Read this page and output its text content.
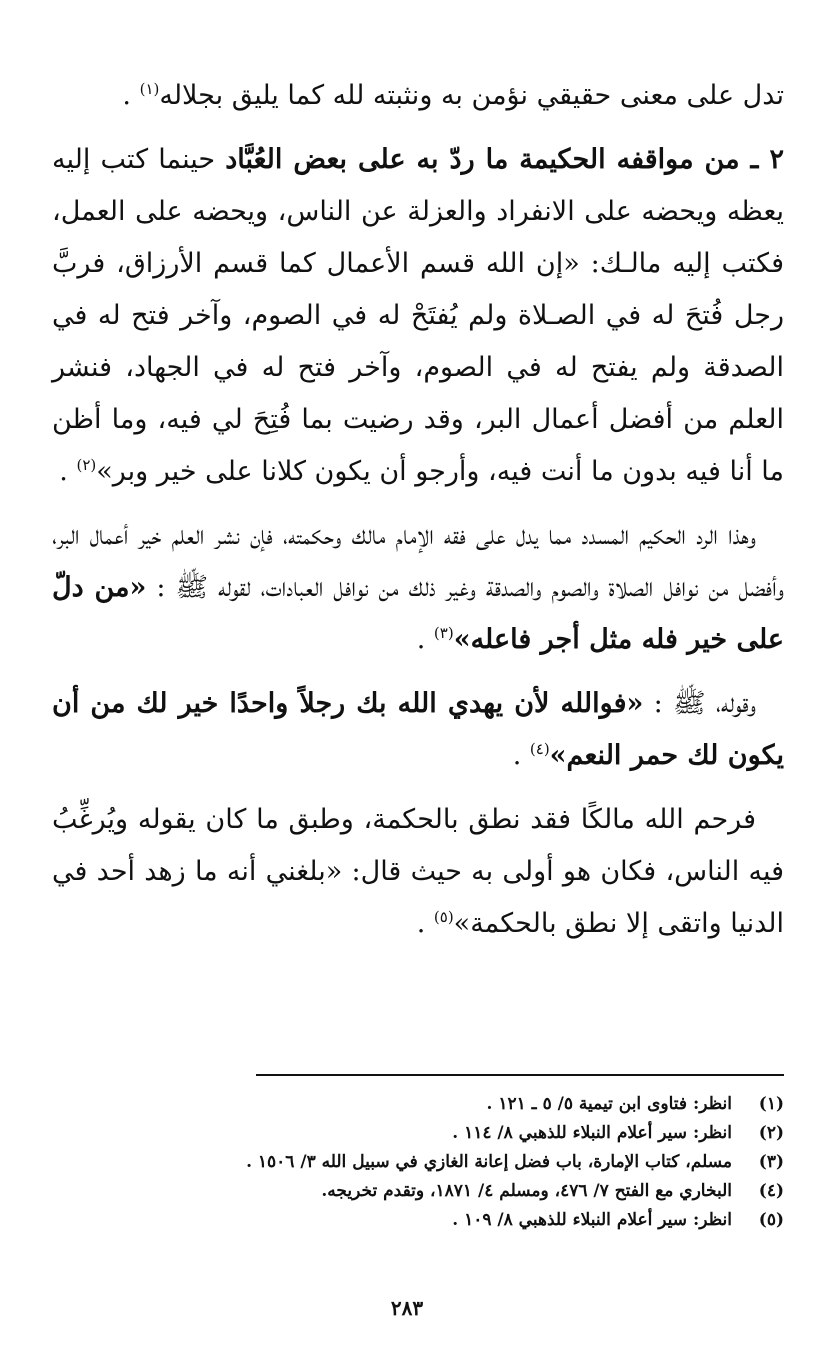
تدل على معنى حقيقي نؤمن به ونثبته لله كما يليق بجلاله$^{(١)}$ .

٢ ـ من مواقفه الحكيمة ما ردّ به على بعض العُبَّاد حينما كتب إليه يعظه ويحضه على الانفراد والعزلة عن الناس، ويحضه على العمل، فكتب إليه مالـك: «إن الله قسم الأعمال كما قسم الأرزاق، فربَّ رجل فُتحَ له في الصـلاة ولم يُفتَحْ له في الصوم، وآخر فتح له في الصدقة ولم يفتح له في الصوم، وآخر فتح له في الجهاد، فنشر العلم من أفضل أعمال البر، وقد رضيت بما فُتِحَ لي فيه، وما أظن ما أنا فيه بدون ما أنت فيه، وأرجو أن يكون كلانا على خير وبر»$^{(٢)}$ .

وهذا الرد الحكيم المسدد مما يدل على فقه الإمام مالك وحكمته، فإن نشر العلم خير أعمال البر، وأفضل من نوافل الصلاة والصوم والصدقة وغير ذلك من نوافل العبادات، لقوله ﷺ : «من دلّ على خير فله مثل أجر فاعله»$^{(٣)}$ .

وقوله، ﷺ : «فوالله لأن يهدي الله بك رجلاً واحدًا خير لك من أن يكون لك حمر النعم»$^{(٤)}$ .

فرحم الله مالكًا فقد نطق بالحكمة، وطبق ما كان يقوله ويُرغِّبُ فيه الناس، فكان هو أولى به حيث قال: «بلغني أنه ما زهد أحد في الدنيا واتقى إلا نطق بالحكمة»$^{(٥)}$ .

(١)
انظر: فتاوى ابن تيمية ٥/ ٥ ـ ١٢١ .
(٢)
انظر: سير أعلام النبلاء للذهبي ٨/ ١١٤ .
(٣)
مسلم، كتاب الإمارة، باب فضل إعانة الغازي في سبيل الله ٣/ ١٥٠٦ .
(٤)
البخاري مع الفتح ٧/ ٤٧٦، ومسلم ٤/ ١٨٧١، وتقدم تخريجه.
(٥)
انظر: سير أعلام النبلاء للذهبي ٨/ ١٠٩ .
٢٨٣
